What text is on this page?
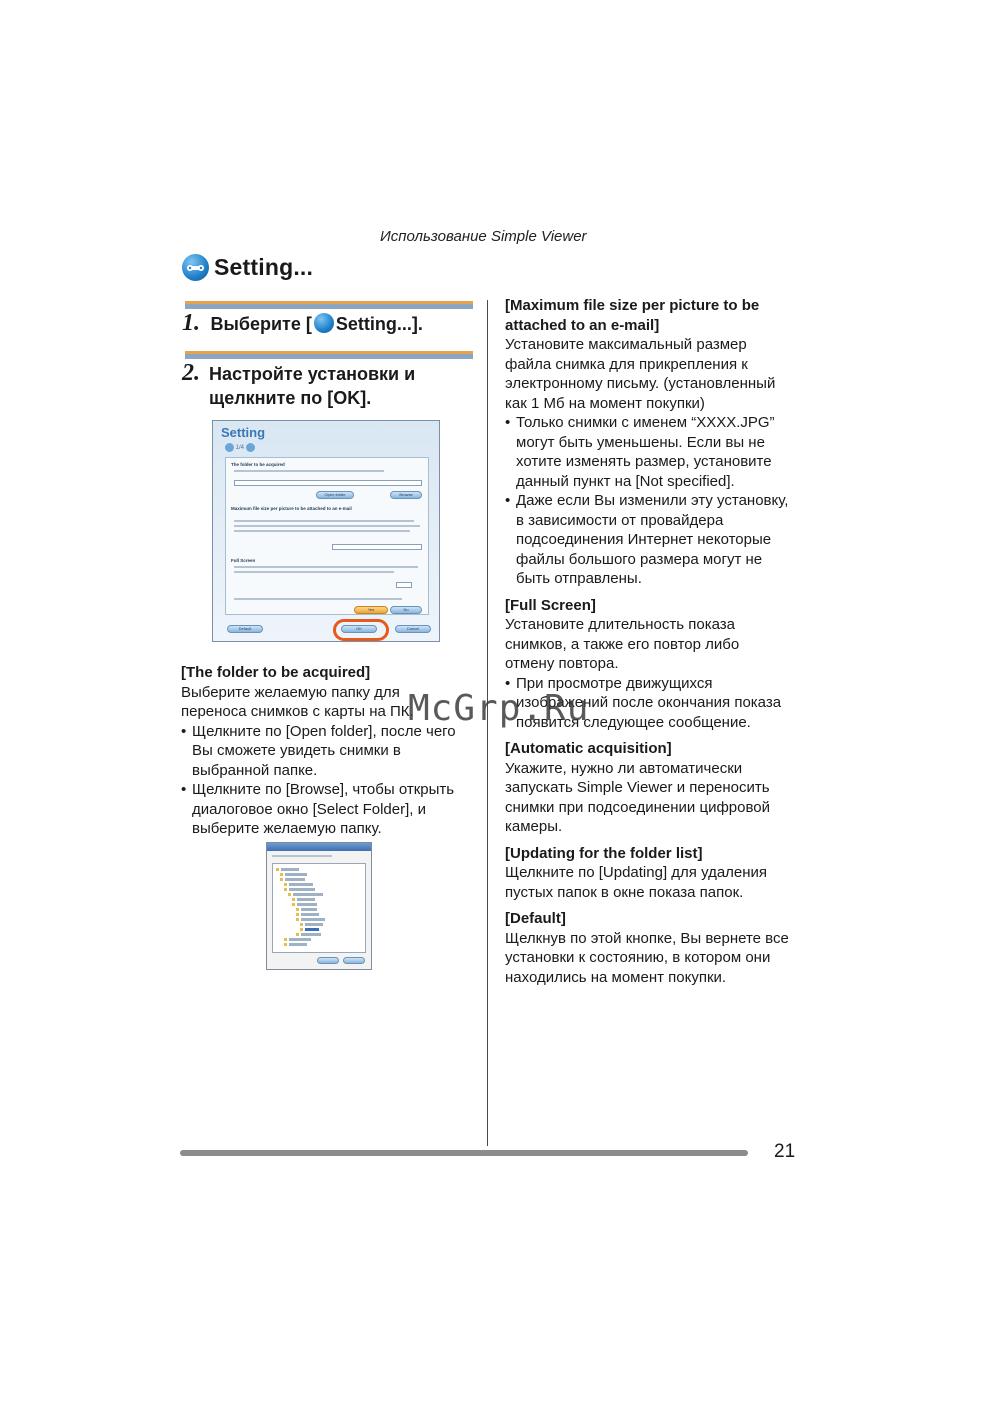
Использование Simple Viewer
Setting...
1. Выберите [ Setting...].
2. Настройте установки и
щелкните по [OK].
Setting
1/4
The folder to be acquired
Open folder	Browse
Maximum file size per picture to be attached to an e-mail
Full Screen
Yes	No
Default	OK	Cancel
[The folder to be acquired]
Выберите желаемую папку для
переноса снимков с карты на ПК.
• Щелкните по [Open folder], после чего
Вы сможете увидеть снимки в
выбранной папке.
• Щелкните по [Browse], чтобы открыть
диалоговое окно [Select Folder], и
выберите желаемую папку.
[Maximum file size per picture to be
attached to an e-mail]
Установите максимальный размер
файла снимка для прикрепления к
электронному письму. (установленный
как 1 Мб на момент покупки)
• Только снимки с именем “XXXX.JPG”
могут быть уменьшены. Если вы не
хотите изменять размер, установите
данный пункт на [Not specified].
• Даже если Вы изменили эту установку,
в зависимости от провайдера
подсоединения Интернет некоторые
файлы большого размера могут не
быть отправлены.
[Full Screen]
Установите длительность показа
снимков, а также его повтор либо
отмену повтора.
• При просмотре движущихся
изображений после окончания показа
появится следующее сообщение.
[Automatic acquisition]
Укажите, нужно ли автоматически
запускать Simple Viewer и переносить
снимки при подсоединении цифровой
камеры.
[Updating for the folder list]
Щелкните по [Updating] для удаления
пустых папок в окне показа папок.
[Default]
Щелкнув по этой кнопке, Вы вернете все
установки к состоянию, в котором они
находились на момент покупки.
McGrp.Ru
21
